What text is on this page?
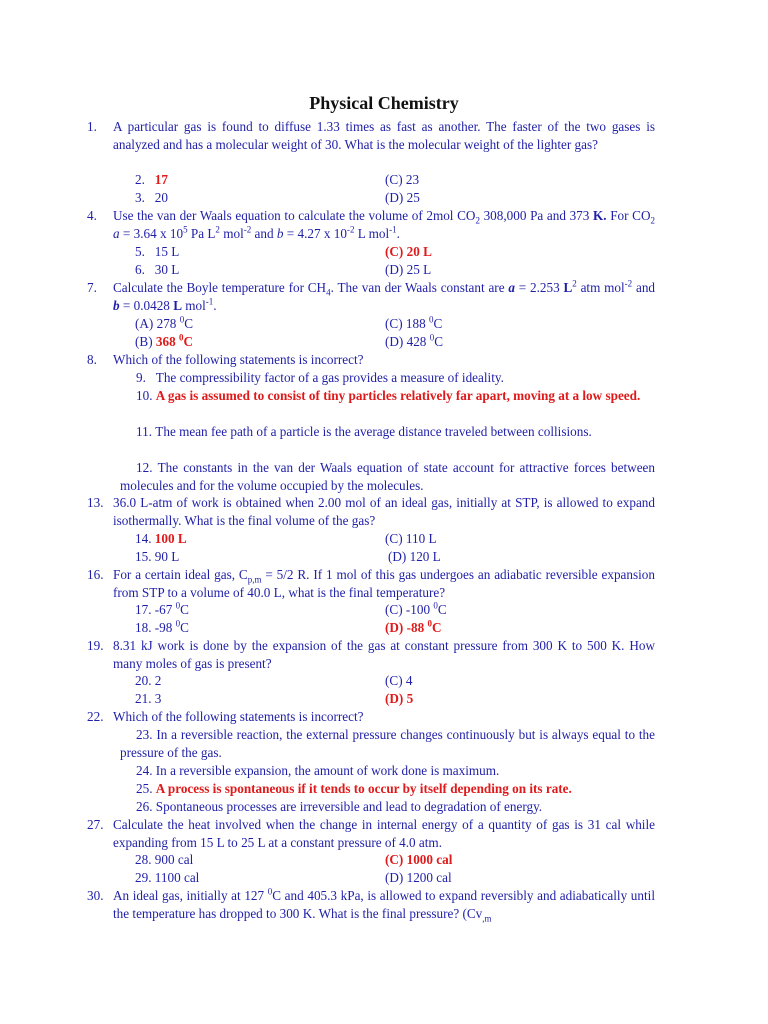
Physical Chemistry
1. A particular gas is found to diffuse 1.33 times as fast as another. The faster of the two gases is analyzed and has a molecular weight of 30. What is the molecular weight of the lighter gas?
2. 17	(C) 23
3. 20	(D) 25
4. Use the van der Waals equation to calculate the volume of 2mol $CO_2$ 308,000 Pa and 373 K. For $CO_2$ a = 3.64 x $10^5$ Pa $L^2$ mol$^{-2}$ and b = 4.27 x $10^{-2}$ L mol$^{-1}$.
5. 15 L	(C) 20 L
6. 30 L	(D) 25 L
7. Calculate the Boyle temperature for $CH_4$. The van der Waals constant are a = 2.253 $L^2$ atm mol$^{-2}$ and b = 0.0428 L mol$^{-1}$.
(A) 278 $^0$C	(C) 188 $^0$C
(B) 368 $^0$C	(D) 428 $^0$C
8. Which of the following statements is incorrect?
9. The compressibility factor of a gas provides a measure of ideality.
10. A gas is assumed to consist of tiny particles relatively far apart, moving at a low speed.
11. The mean fee path of a particle is the average distance traveled between collisions.
12. The constants in the van der Waals equation of state account for attractive forces between molecules and for the volume occupied by the molecules.
13. 36.0 L-atm of work is obtained when 2.00 mol of an ideal gas, initially at STP, is allowed to expand isothermally. What is the final volume of the gas?
14. 100 L	(C) 110 L
15. 90 L	(D) 120 L
16. For a certain ideal gas, $C_{p,m} = 5/2$ R. If 1 mol of this gas undergoes an adiabatic reversible expansion from STP to a volume of 40.0 L, what is the final temperature?
17. -67 $^0$C	(C) -100 $^0$C
18. -98 $^0$C	(D) -88 $^0$C
19. 8.31 kJ work is done by the expansion of the gas at constant pressure from 300 K to 500 K. How many moles of gas is present?
20. 2	(C) 4
21. 3	(D) 5
22. Which of the following statements is incorrect?
23. In a reversible reaction, the external pressure changes continuously but is always equal to the pressure of the gas.
24. In a reversible expansion, the amount of work done is maximum.
25. A process is spontaneous if it tends to occur by itself depending on its rate.
26. Spontaneous processes are irreversible and lead to degradation of energy.
27. Calculate the heat involved when the change in internal energy of a quantity of gas is 31 cal while expanding from 15 L to 25 L at a constant pressure of 4.0 atm.
28. 900 cal	(C) 1000 cal
29. 1100 cal	(D) 1200 cal
30. An ideal gas, initially at 127 $^0$C and 405.3 kPa, is allowed to expand reversibly and adiabatically until the temperature has dropped to 300 K. What is the final pressure? ($Cv_{,m}$
